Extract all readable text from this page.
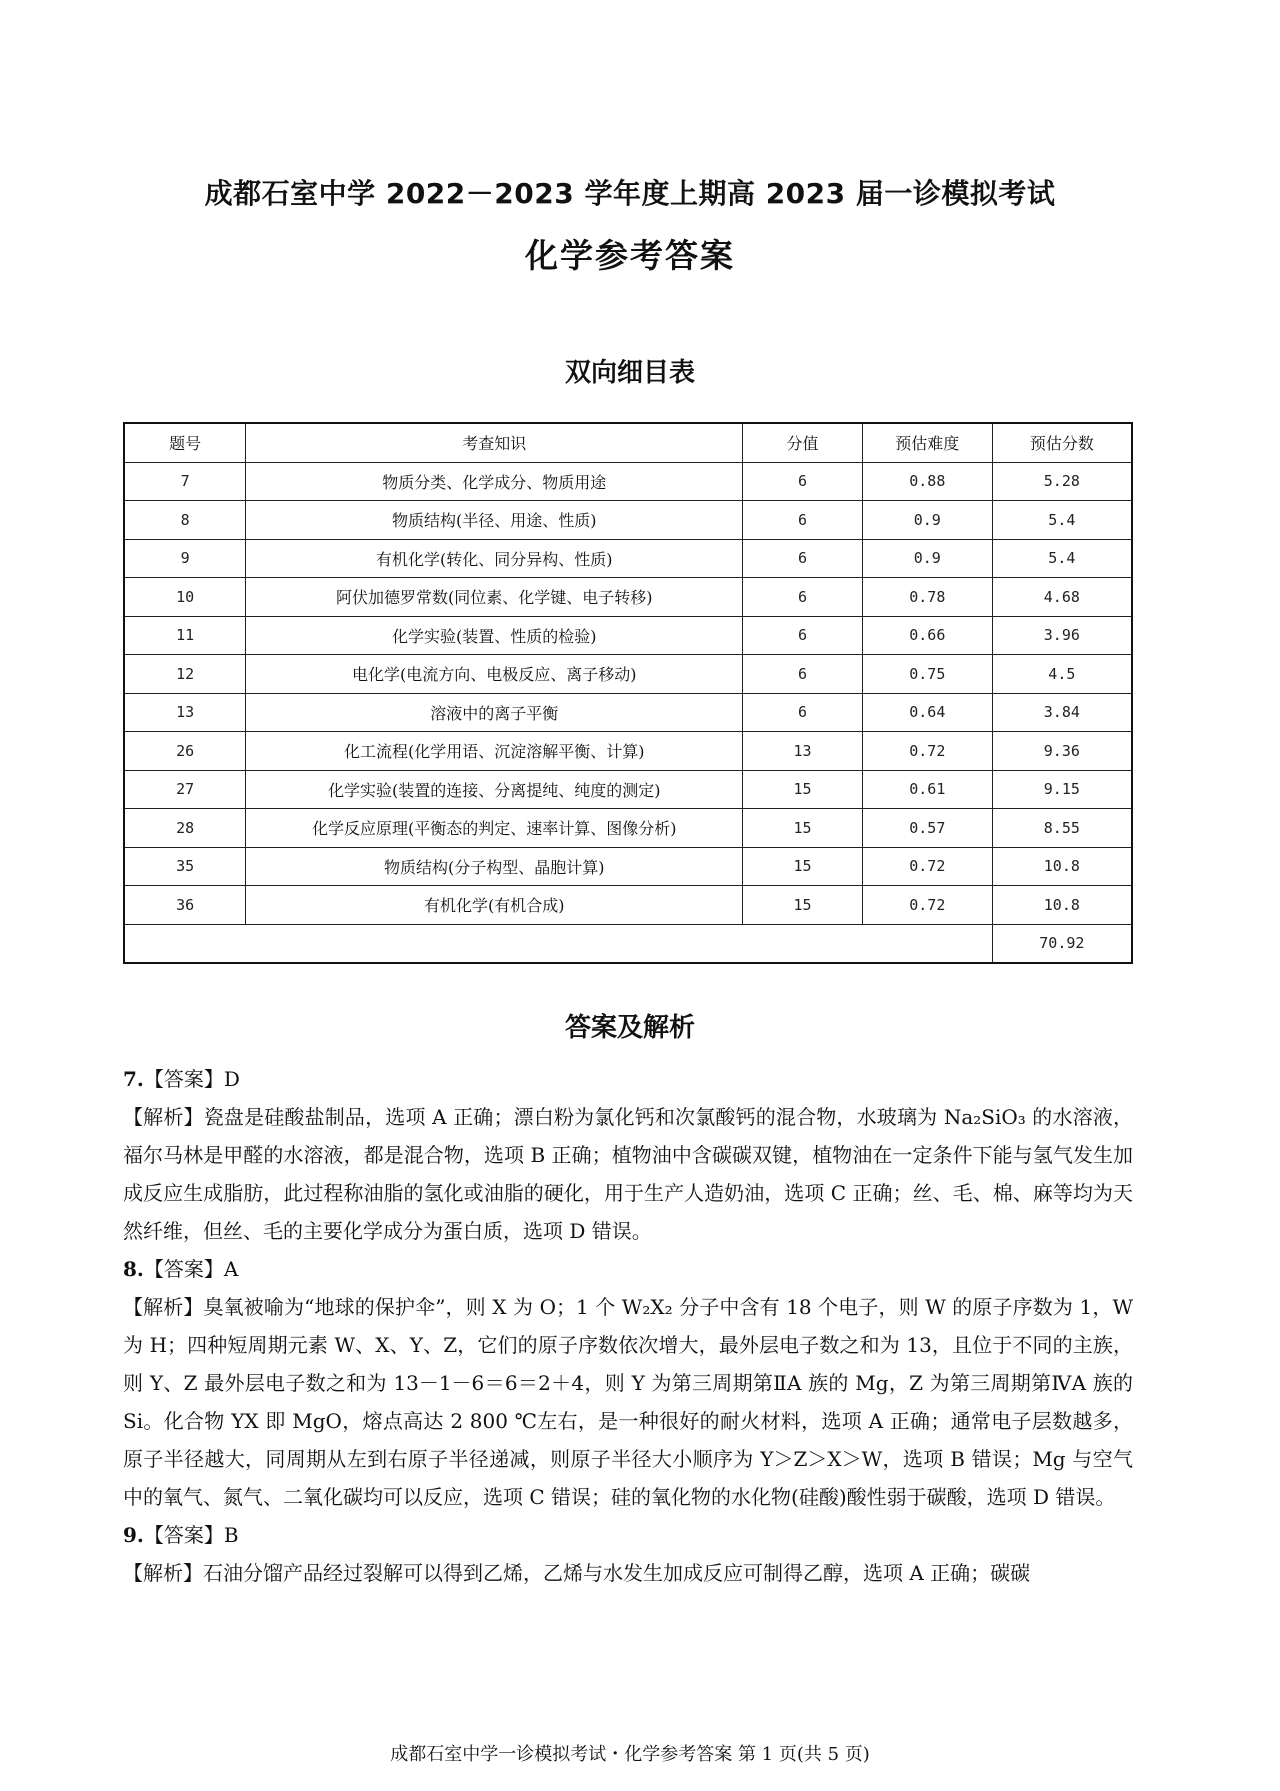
成都石室中学 2022－2023 学年度上期高 2023 届一诊模拟考试
化学参考答案
双向细目表
题号	考查知识	分值	预估难度	预估分数
7	物质分类、化学成分、物质用途	6	0.88	5.28
8	物质结构(半径、用途、性质)	6	0.9	5.4
9	有机化学(转化、同分异构、性质)	6	0.9	5.4
10	阿伏加德罗常数(同位素、化学键、电子转移)	6	0.78	4.68
11	化学实验(装置、性质的检验)	6	0.66	3.96
12	电化学(电流方向、电极反应、离子移动)	6	0.75	4.5
13	溶液中的离子平衡	6	0.64	3.84
26	化工流程(化学用语、沉淀溶解平衡、计算)	13	0.72	9.36
27	化学实验(装置的连接、分离提纯、纯度的测定)	15	0.61	9.15
28	化学反应原理(平衡态的判定、速率计算、图像分析)	15	0.57	8.55
35	物质结构(分子构型、晶胞计算)	15	0.72	10.8
36	有机化学(有机合成)	15	0.72	10.8
				70.92
答案及解析

7.【答案】D

【解析】瓷盘是硅酸盐制品，选项 A 正确；漂白粉为氯化钙和次氯酸钙的混合物，水玻璃为 Na₂SiO₃ 的水溶液，福尔马林是甲醛的水溶液，都是混合物，选项 B 正确；植物油中含碳碳双键，植物油在一定条件下能与氢气发生加成反应生成脂肪，此过程称油脂的氢化或油脂的硬化，用于生产人造奶油，选项 C 正确；丝、毛、棉、麻等均为天然纤维，但丝、毛的主要化学成分为蛋白质，选项 D 错误。

8.【答案】A

【解析】臭氧被喻为“地球的保护伞”，则 X 为 O；1 个 W₂X₂ 分子中含有 18 个电子，则 W 的原子序数为 1，W 为 H；四种短周期元素 W、X、Y、Z，它们的原子序数依次增大，最外层电子数之和为 13，且位于不同的主族，则 Y、Z 最外层电子数之和为 13－1－6＝6＝2＋4，则 Y 为第三周期第ⅡA 族的 Mg，Z 为第三周期第ⅣA 族的 Si。化合物 YX 即 MgO，熔点高达 2 800 ℃左右，是一种很好的耐火材料，选项 A 正确；通常电子层数越多，原子半径越大，同周期从左到右原子半径递减，则原子半径大小顺序为 Y＞Z＞X＞W，选项 B 错误；Mg 与空气中的氧气、氮气、二氧化碳均可以反应，选项 C 错误；硅的氧化物的水化物(硅酸)酸性弱于碳酸，选项 D 错误。

9.【答案】B

【解析】石油分馏产品经过裂解可以得到乙烯，乙烯与水发生加成反应可制得乙醇，选项 A 正确；碳碳

成都石室中学一诊模拟考试・化学参考答案 第 1 页(共 5 页)
